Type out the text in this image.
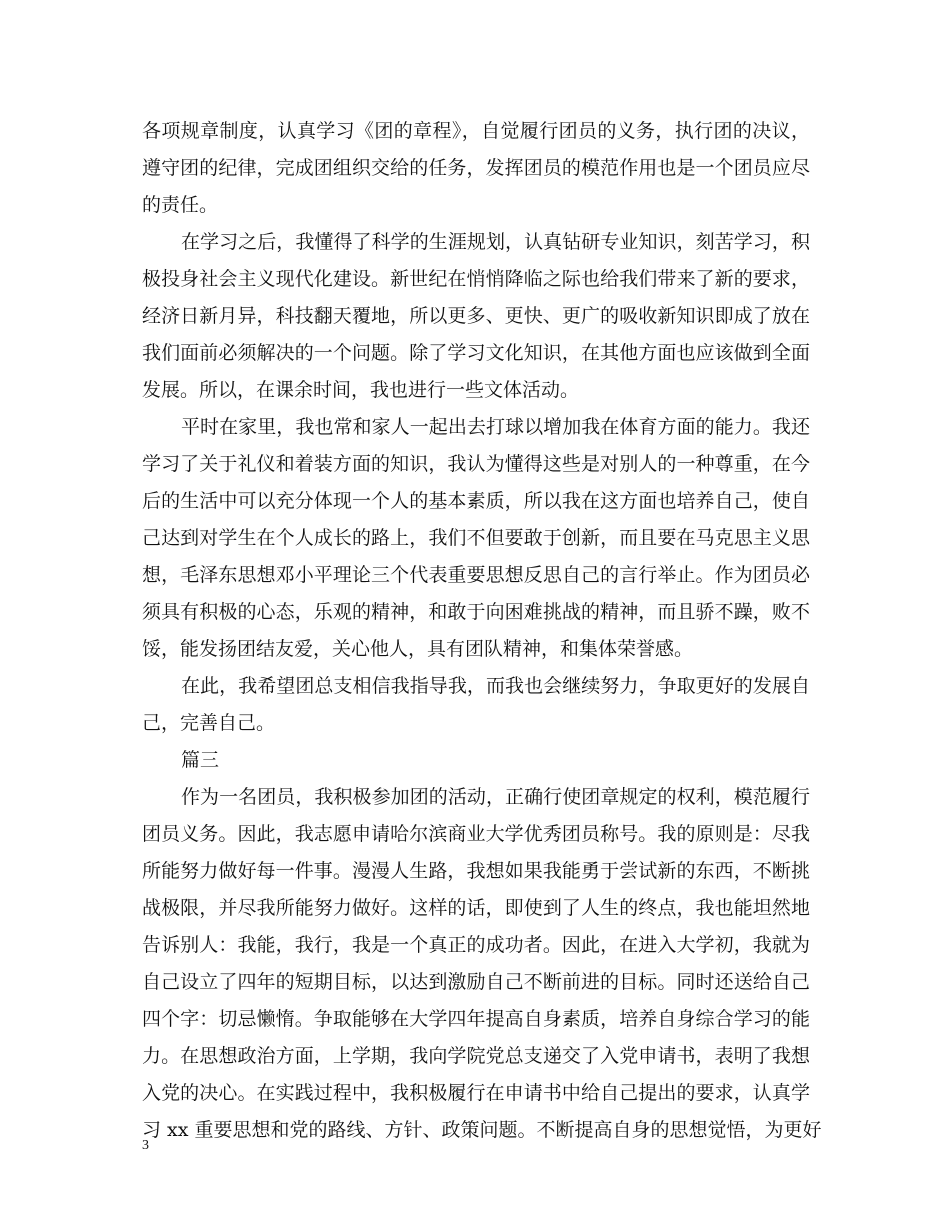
各项规章制度，认真学习《团的章程》，自觉履行团员的义务，执行团的决议，
遵守团的纪律，完成团组织交给的任务，发挥团员的模范作用也是一个团员应尽
的责任。
在学习之后，我懂得了科学的生涯规划，认真钻研专业知识，刻苦学习，积
极投身社会主义现代化建设。新世纪在悄悄降临之际也给我们带来了新的要求，
经济日新月异，科技翻天覆地，所以更多、更快、更广的吸收新知识即成了放在
我们面前必须解决的一个问题。除了学习文化知识，在其他方面也应该做到全面
发展。所以，在课余时间，我也进行一些文体活动。
平时在家里，我也常和家人一起出去打球以增加我在体育方面的能力。我还
学习了关于礼仪和着装方面的知识，我认为懂得这些是对别人的一种尊重，在今
后的生活中可以充分体现一个人的基本素质，所以我在这方面也培养自己，使自
己达到对学生在个人成长的路上，我们不但要敢于创新，而且要在马克思主义思
想，毛泽东思想邓小平理论三个代表重要思想反思自己的言行举止。作为团员必
须具有积极的心态，乐观的精神，和敢于向困难挑战的精神，而且骄不躁，败不
馁，能发扬团结友爱，关心他人，具有团队精神，和集体荣誉感。
在此，我希望团总支相信我指导我，而我也会继续努力，争取更好的发展自
己，完善自己。
篇三
作为一名团员，我积极参加团的活动，正确行使团章规定的权利，模范履行
团员义务。因此，我志愿申请哈尔滨商业大学优秀团员称号。我的原则是：尽我
所能努力做好每一件事。漫漫人生路，我想如果我能勇于尝试新的东西，不断挑
战极限，并尽我所能努力做好。这样的话，即使到了人生的终点，我也能坦然地
告诉别人：我能，我行，我是一个真正的成功者。因此，在进入大学初，我就为
自己设立了四年的短期目标，以达到激励自己不断前进的目标。同时还送给自己
四个字：切忌懒惰。争取能够在大学四年提高自身素质，培养自身综合学习的能
力。在思想政治方面，上学期，我向学院党总支递交了入党申请书，表明了我想
入党的决心。在实践过程中，我积极履行在申请书中给自己提出的要求，认真学
习 xx 重要思想和党的路线、方针、政策问题。不断提高自身的思想觉悟，为更好
3
